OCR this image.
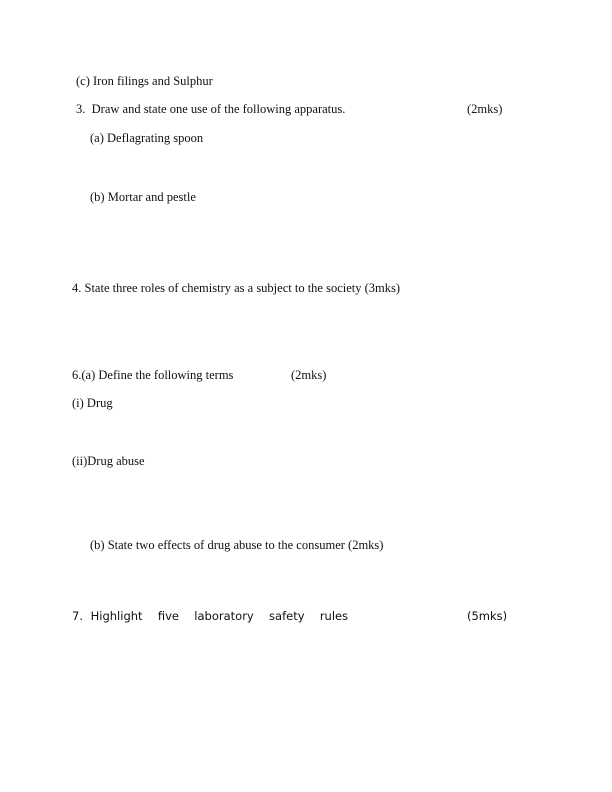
(c) Iron filings and Sulphur
3.  Draw and state one use of the following apparatus.	(2mks)
(a) Deflagrating spoon
(b) Mortar and pestle
4. State three roles of chemistry as a subject to the society (3mks)
6.(a) Define the following terms	(2mks)
(i) Drug
(ii)Drug abuse
(b) State two effects of drug abuse to the consumer (2mks)
7. Highlight  five  laboratory  safety  rules	(5mks)
